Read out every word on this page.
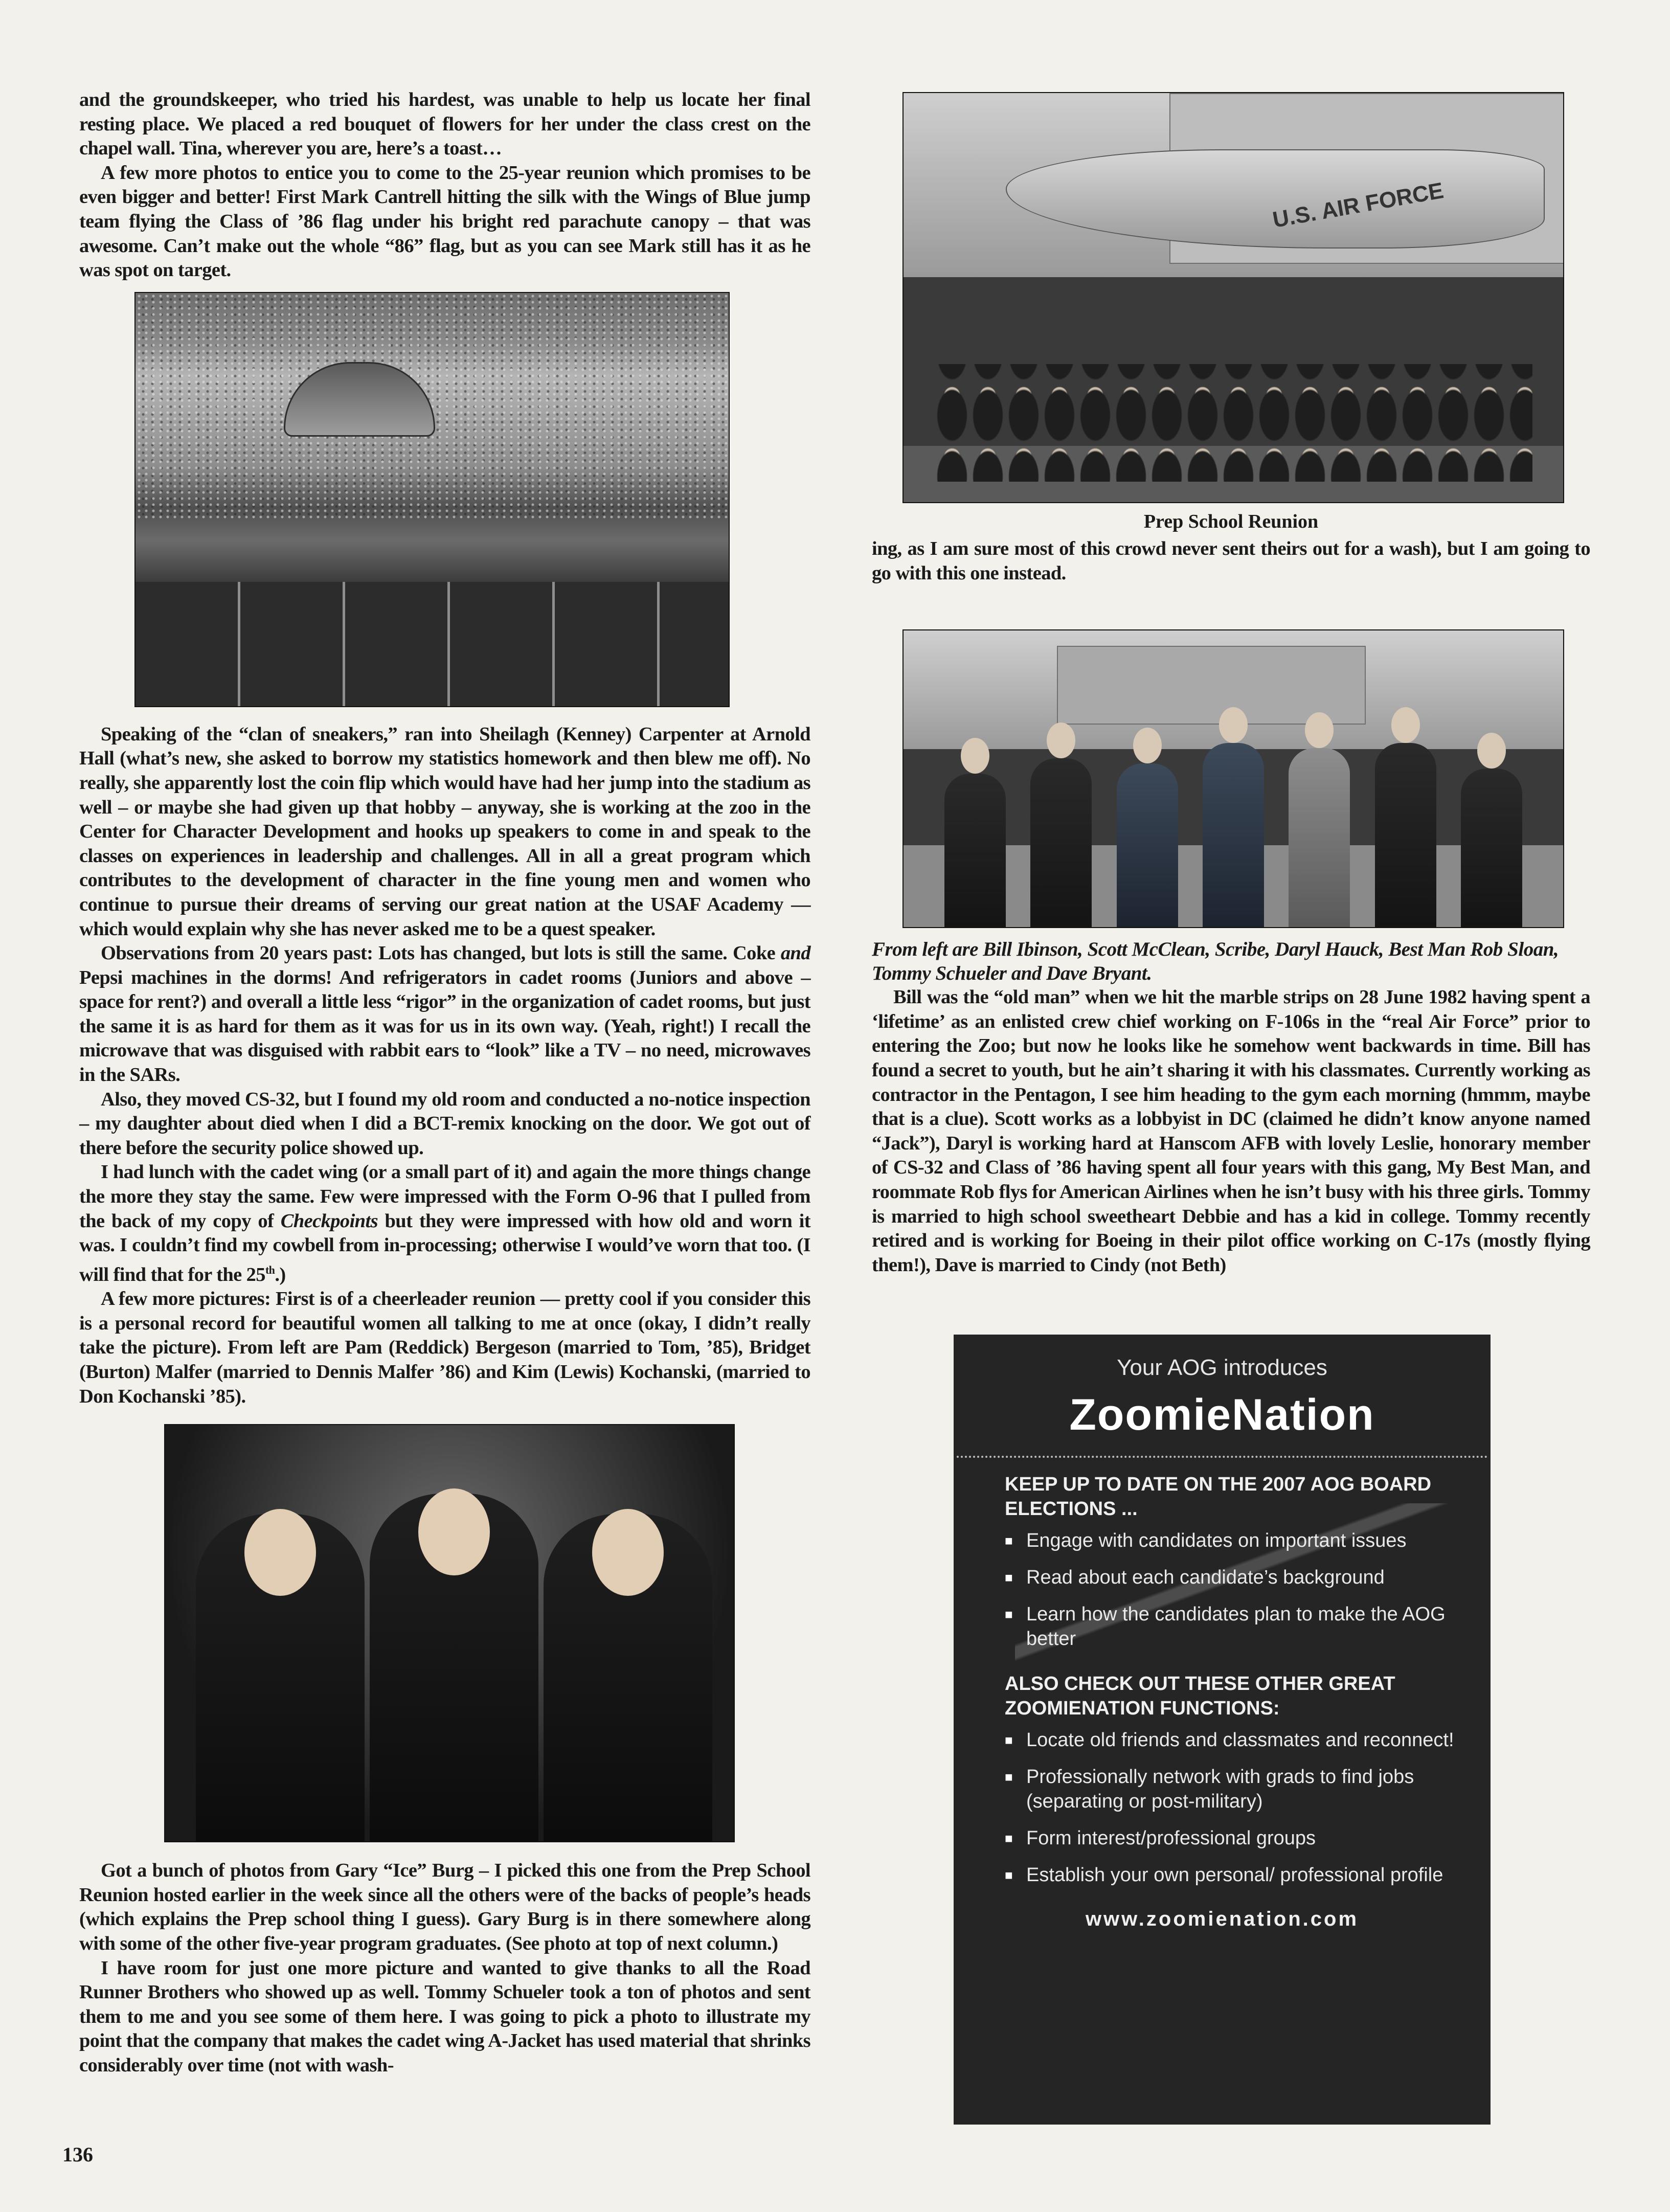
and the groundskeeper, who tried his hardest, was unable to help us locate her final resting place. We placed a red bouquet of flowers for her under the class crest on the chapel wall. Tina, wherever you are, here’s a toast…

A few more photos to entice you to come to the 25-year reunion which promises to be even bigger and better! First Mark Cantrell hitting the silk with the Wings of Blue jump team flying the Class of ’86 flag under his bright red parachute canopy – that was awesome. Can’t make out the whole “86” flag, but as you can see Mark still has it as he was spot on target.

Speaking of the “clan of sneakers,” ran into Sheilagh (Kenney) Carpenter at Arnold Hall (what’s new, she asked to borrow my statistics homework and then blew me off). No really, she apparently lost the coin flip which would have had her jump into the stadium as well – or maybe she had given up that hobby – anyway, she is working at the zoo in the Center for Character Development and hooks up speakers to come in and speak to the classes on experiences in leadership and challenges. All in all a great program which contributes to the development of character in the fine young men and women who continue to pursue their dreams of serving our great nation at the USAF Academy — which would explain why she has never asked me to be a quest speaker.

Observations from 20 years past: Lots has changed, but lots is still the same. Coke and Pepsi machines in the dorms! And refrigerators in cadet rooms (Juniors and above – space for rent?) and overall a little less “rigor” in the organization of cadet rooms, but just the same it is as hard for them as it was for us in its own way. (Yeah, right!) I recall the microwave that was disguised with rabbit ears to “look” like a TV – no need, microwaves in the SARs.

Also, they moved CS-32, but I found my old room and conducted a no-notice inspection – my daughter about died when I did a BCT-remix knocking on the door. We got out of there before the security police showed up.

I had lunch with the cadet wing (or a small part of it) and again the more things change the more they stay the same. Few were impressed with the Form O-96 that I pulled from the back of my copy of Checkpoints but they were impressed with how old and worn it was. I couldn’t find my cowbell from in-processing; otherwise I would’ve worn that too. (I will find that for the 25th.)

A few more pictures: First is of a cheerleader reunion — pretty cool if you consider this is a personal record for beautiful women all talking to me at once (okay, I didn’t really take the picture). From left are Pam (Reddick) Bergeson (married to Tom, ’85), Bridget (Burton) Malfer (married to Dennis Malfer ’86) and Kim (Lewis) Kochanski, (married to Don Kochanski ’85).

Got a bunch of photos from Gary “Ice” Burg – I picked this one from the Prep School Reunion hosted earlier in the week since all the others were of the backs of people’s heads (which explains the Prep school thing I guess). Gary Burg is in there somewhere along with some of the other five-year program graduates. (See photo at top of next column.)

I have room for just one more picture and wanted to give thanks to all the Road Runner Brothers who showed up as well. Tommy Schueler took a ton of photos and sent them to me and you see some of them here. I was going to pick a photo to illustrate my point that the company that makes the cadet wing A-Jacket has used material that shrinks considerably over time (not with wash-

U.S. AIR FORCE
Prep School Reunion

ing, as I am sure most of this crowd never sent theirs out for a wash), but I am going to go with this one instead.

From left are Bill Ibinson, Scott McClean, Scribe, Daryl Hauck, Best Man Rob Sloan, Tommy Schueler and Dave Bryant.

Bill was the “old man” when we hit the marble strips on 28 June 1982 having spent a ‘lifetime’ as an enlisted crew chief working on F-106s in the “real Air Force” prior to entering the Zoo; but now he looks like he somehow went backwards in time. Bill has found a secret to youth, but he ain’t sharing it with his classmates. Currently working as contractor in the Pentagon, I see him heading to the gym each morning (hmmm, maybe that is a clue). Scott works as a lobbyist in DC (claimed he didn’t know anyone named “Jack”), Daryl is working hard at Hanscom AFB with lovely Leslie, honorary member of CS-32 and Class of ’86 having spent all four years with this gang, My Best Man, and roommate Rob flys for American Airlines when he isn’t busy with his three girls. Tommy is married to high school sweetheart Debbie and has a kid in college. Tommy recently retired and is working for Boeing in their pilot office working on C-17s (mostly flying them!), Dave is married to Cindy (not Beth)

Your AOG introduces
ZoomieNation
KEEP UP TO DATE ON THE 2007 AOG BOARD ELECTIONS ...
■ Engage with candidates on important issues
■ Read about each candidate’s background
■ Learn how the candidates plan to make the AOG better
ALSO CHECK OUT THESE OTHER GREAT ZOOMIENATION FUNCTIONS:
■ Locate old friends and classmates and reconnect!
■ Professionally network with grads to find jobs (separating or post-military)
■ Form interest/professional groups
■ Establish your own personal/ professional profile
www.zoomienation.com
136
